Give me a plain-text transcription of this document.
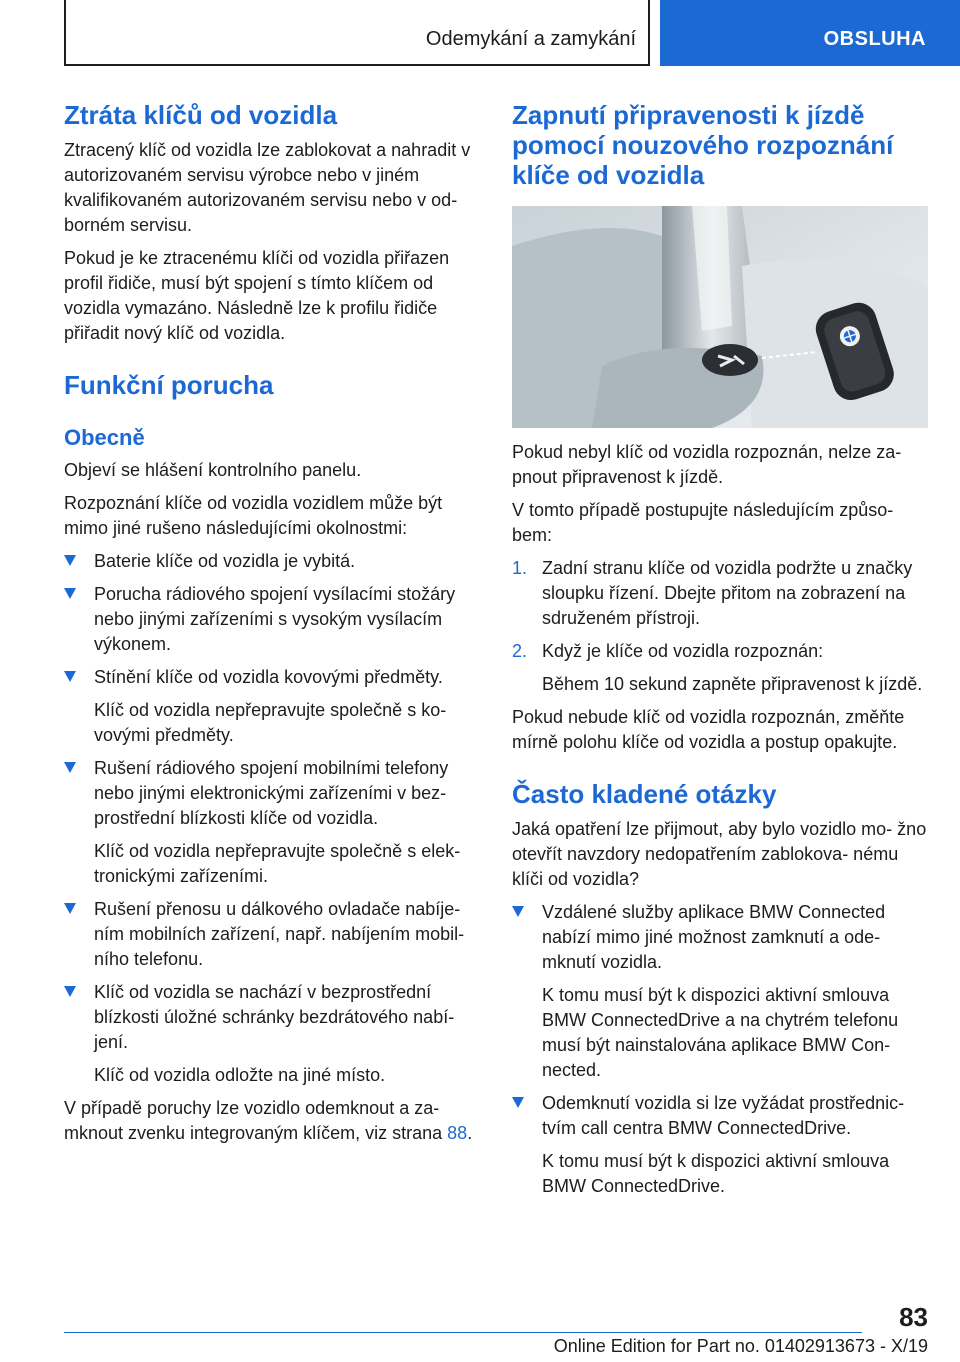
Odemykání a zamykání	OBSLUHA
Ztráta klíčů od vozidla

Ztracený klíč od vozidla lze zablokovat a nahradit v autorizovaném servisu výrobce nebo v jiném kvalifikovaném autorizovaném servisu nebo v od‐ borném servisu.

Pokud je ke ztracenému klíči od vozidla přiřazen profil řidiče, musí být spojení s tímto klíčem od vozidla vymazáno. Následně lze k profilu řidiče přiřadit nový klíč od vozidla.

Funkční porucha
Obecně

Objeví se hlášení kontrolního panelu.

Rozpoznání klíče od vozidla vozidlem může být mimo jiné rušeno následujícími okolnostmi:

Baterie klíče od vozidla je vybitá.

Porucha rádiového spojení vysílacími stožáry nebo jinými zařízeními s vysokým vysílacím výkonem.

Stínění klíče od vozidla kovovými předměty.

Klíč od vozidla nepřepravujte společně s ko‐ vovými předměty.

Rušení rádiového spojení mobilními telefony nebo jinými elektronickými zařízeními v bez‐ prostřední blízkosti klíče od vozidla.

Klíč od vozidla nepřepravujte společně s elek‐ tronickými zařízeními.

Rušení přenosu u dálkového ovladače nabíje‐ ním mobilních zařízení, např. nabíjením mobil‐ ního telefonu.

Klíč od vozidla se nachází v bezprostřední blízkosti úložné schránky bezdrátového nabí‐ jení.

Klíč od vozidla odložte na jiné místo.

V případě poruchy lze vozidlo odemknout a za‐ mknout zvenku integrovaným klíčem, viz strana 88.

Zapnutí připravenosti k jízdě pomocí nouzového rozpoznání klíče od vozidla

Pokud nebyl klíč od vozidla rozpoznán, nelze za‐ pnout připravenost k jízdě.

V tomto případě postupujte následujícím způso‐ bem:

1. Zadní stranu klíče od vozidla podržte u značky sloupku řízení. Dbejte přitom na zobrazení na sdruženém přístroji.

2. Když je klíče od vozidla rozpoznán:

Během 10 sekund zapněte připravenost k jízdě.

Pokud nebude klíč od vozidla rozpoznán, změňte mírně polohu klíče od vozidla a postup opakujte.

Často kladené otázky

Jaká opatření lze přijmout, aby bylo vozidlo mo‐ žno otevřít navzdory nedopatřením zablokova‐ nému klíči od vozidla?

Vzdálené služby aplikace BMW Connected nabízí mimo jiné možnost zamknutí a ode‐ mknutí vozidla.

K tomu musí být k dispozici aktivní smlouva BMW ConnectedDrive a na chytrém telefonu musí být nainstalována aplikace BMW Con‐ nected.

Odemknutí vozidla si lze vyžádat prostřednic‐ tvím call centra BMW ConnectedDrive.

K tomu musí být k dispozici aktivní smlouva BMW ConnectedDrive.

83
Online Edition for Part no. 01402913673 - X/19
